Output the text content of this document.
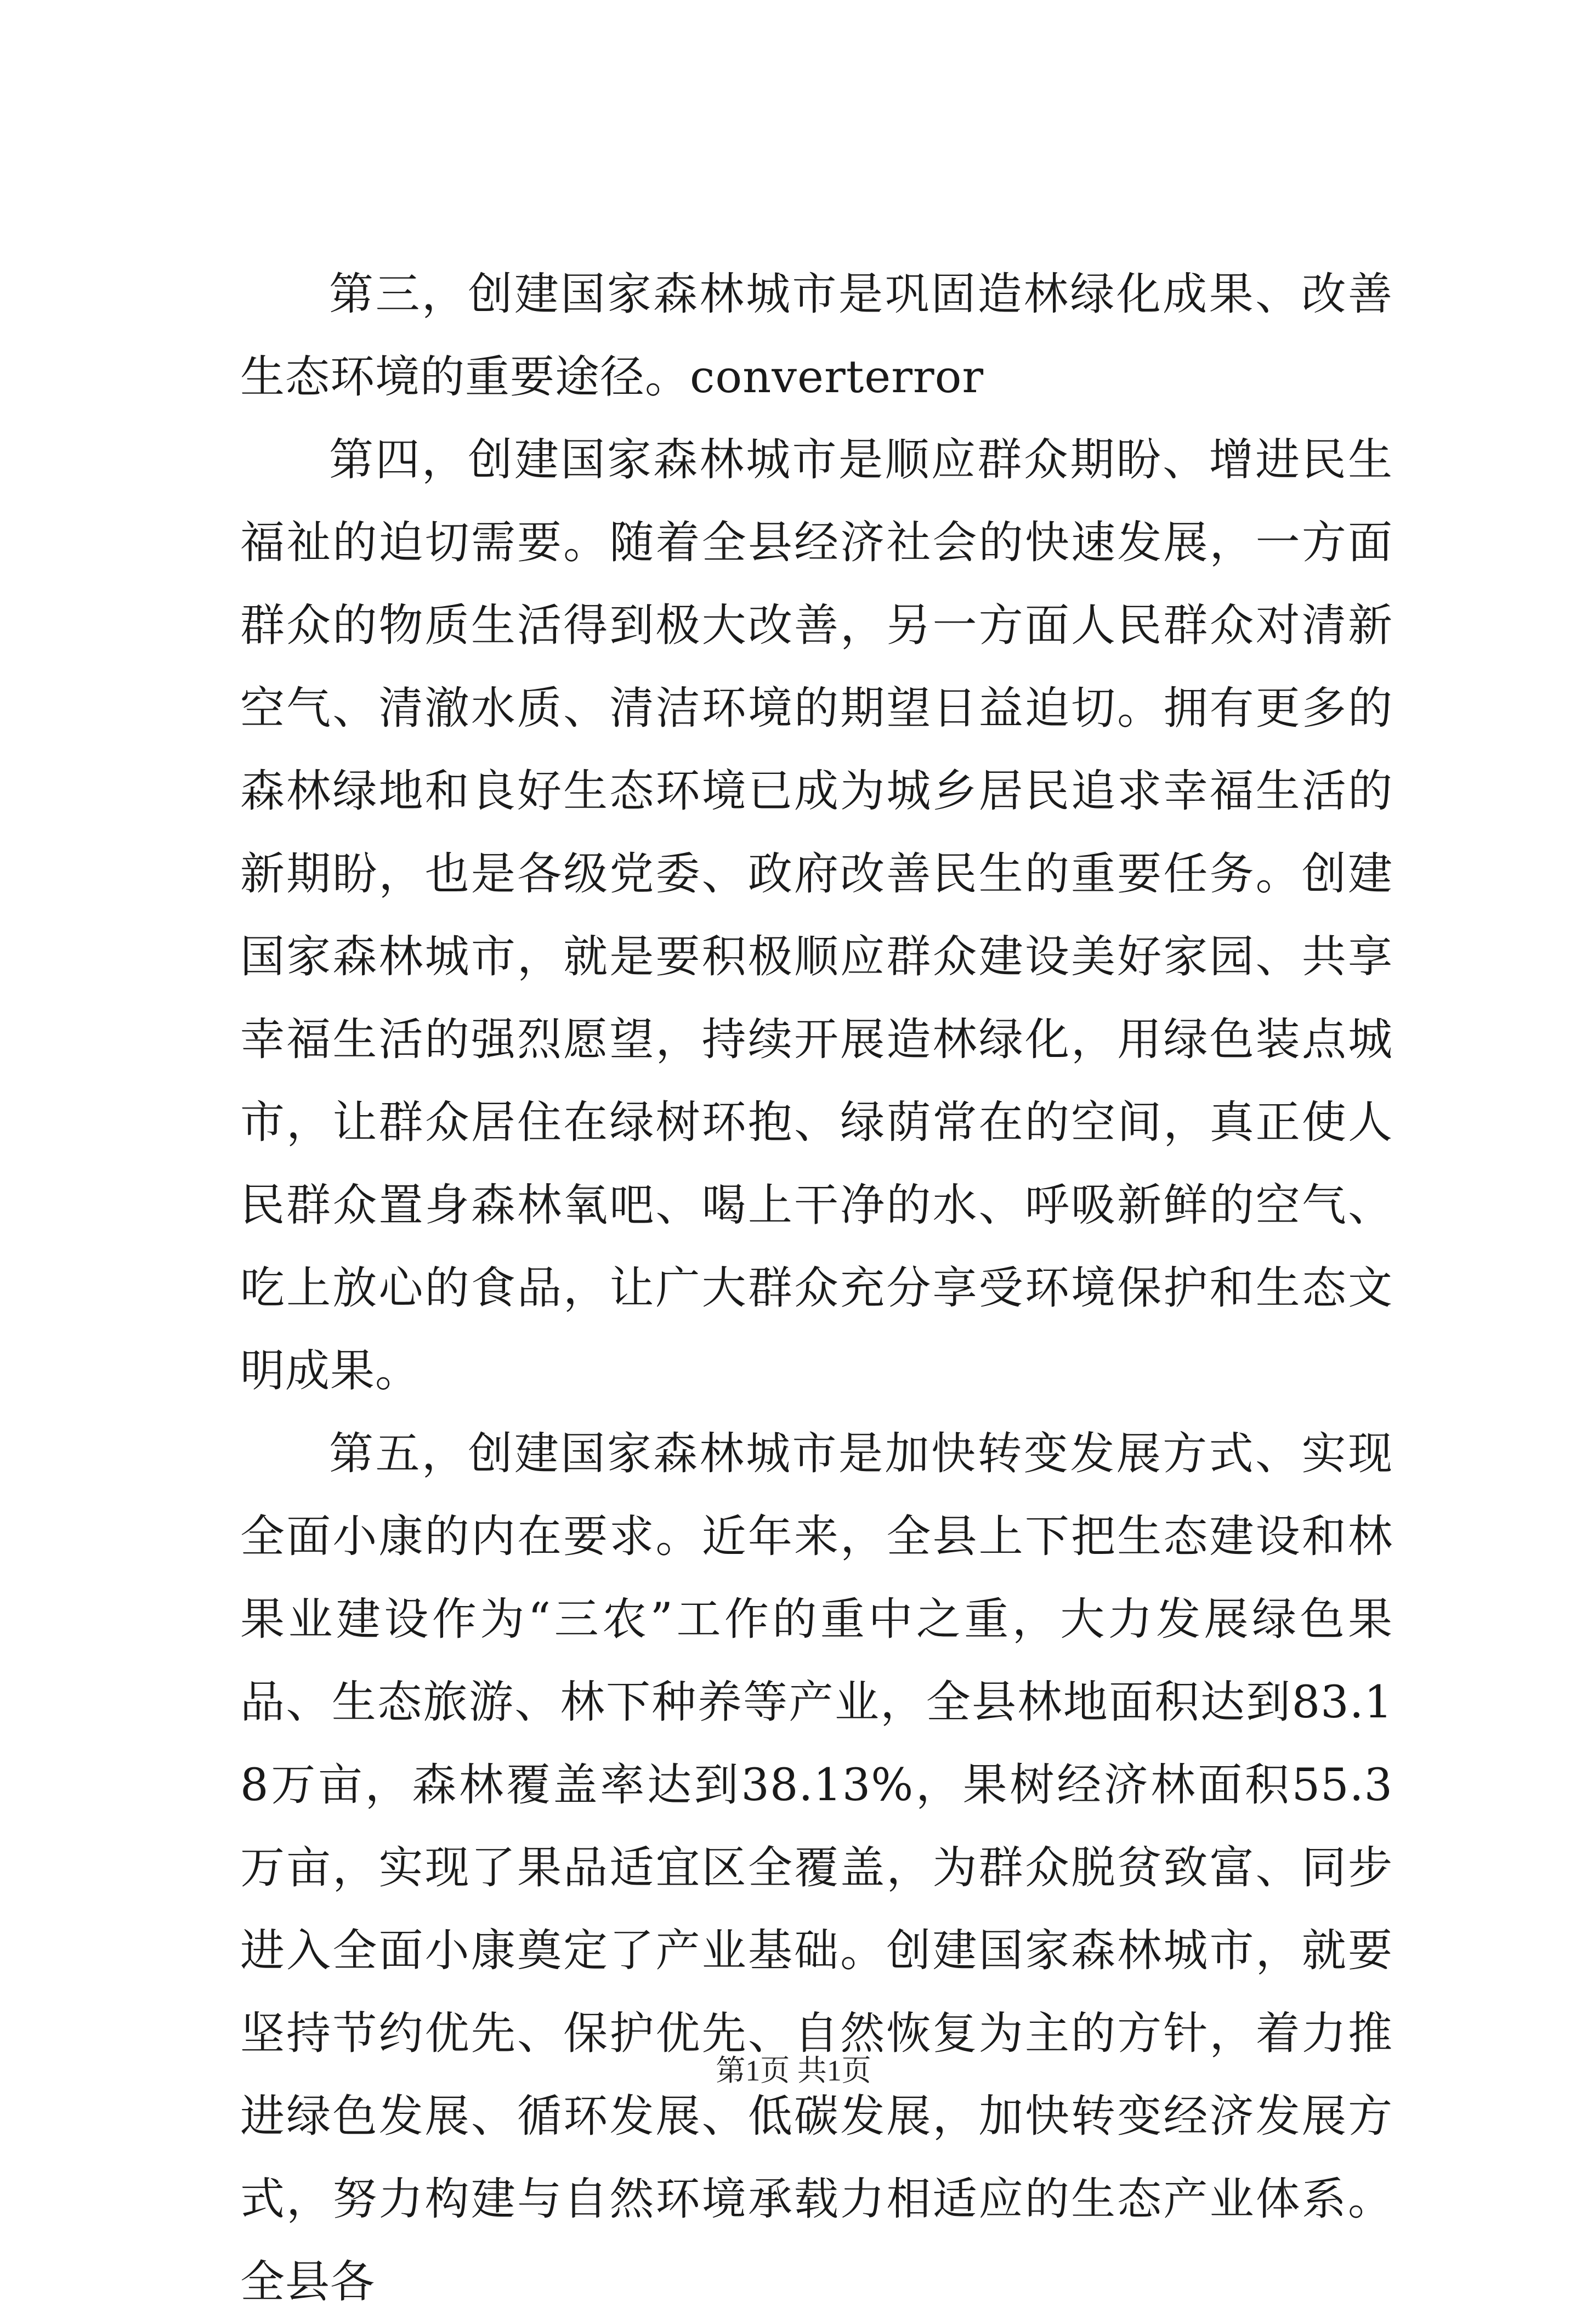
第三，创建国家森林城市是巩固造林绿化成果、改善生态环境的重要途径。converterror

第四，创建国家森林城市是顺应群众期盼、增进民生福祉的迫切需要。随着全县经济社会的快速发展，一方面群众的物质生活得到极大改善，另一方面人民群众对清新空气、清澈水质、清洁环境的期望日益迫切。拥有更多的森林绿地和良好生态环境已成为城乡居民追求幸福生活的新期盼，也是各级党委、政府改善民生的重要任务。创建国家森林城市，就是要积极顺应群众建设美好家园、共享幸福生活的强烈愿望，持续开展造林绿化，用绿色装点城市，让群众居住在绿树环抱、绿荫常在的空间，真正使人民群众置身森林氧吧、喝上干净的水、呼吸新鲜的空气、吃上放心的食品，让广大群众充分享受环境保护和生态文明成果。

第五，创建国家森林城市是加快转变发展方式、实现全面小康的内在要求。近年来，全县上下把生态建设和林果业建设作为“三农”工作的重中之重，大力发展绿色果品、生态旅游、林下种养等产业，全县林地面积达到83.18万亩，森林覆盖率达到38.13%，果树经济林面积55.3万亩，实现了果品适宜区全覆盖，为群众脱贫致富、同步进入全面小康奠定了产业基础。创建国家森林城市，就要坚持节约优先、保护优先、自然恢复为主的方针，着力推进绿色发展、循环发展、低碳发展，加快转变经济发展方式，努力构建与自然环境承载力相适应的生态产业体系。全县各

第1页 共1页
